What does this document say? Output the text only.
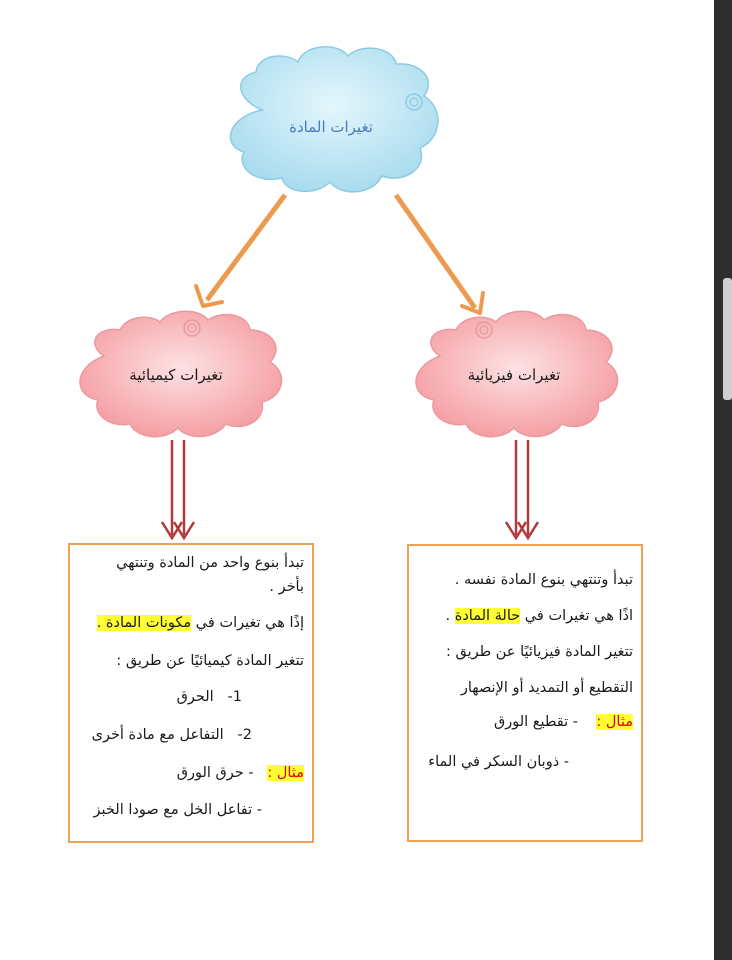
تغيرات المادة
تغيرات كيميائية	تغيرات فيزيائية

تبدأ بنوع واحد من المادة وتنتهي

بأخر .

إذًا هي تغيرات في مكونات المادة .

تتغير المادة كيميائيًا عن طريق :

1-   الحرق

2-   التفاعل مع مادة أخرى

مثال :   - حرق الورق

- تفاعل الخل مع صودا الخبز

تبدأ وتنتهي بنوع المادة نفسه .

اذًا هي تغيرات في حالة المادة .

تتغير المادة فيزيائيًا عن طريق :

التقطيع أو التمديد أو الإنصهار

مثال :    - تقطيع الورق

- ذوبان السكر في الماء
